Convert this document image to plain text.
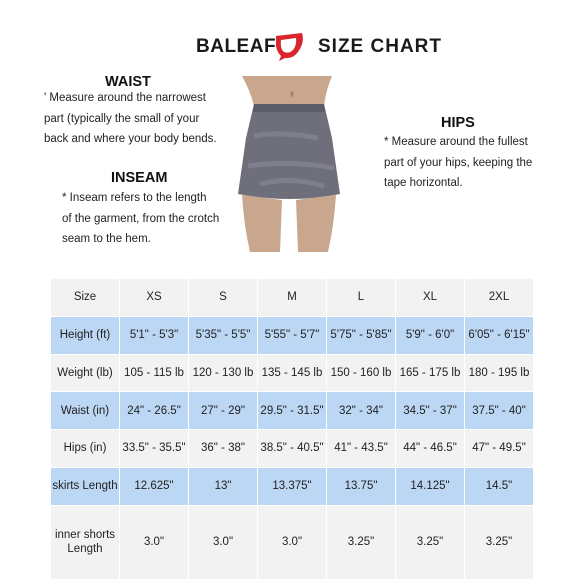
BALEAF SIZE CHART
WAIST
' Measure around the narrowest
part (typically the small of your
back and where your body bends.
INSEAM
* Inseam refers to the length
of the garment, from the crotch
seam to the hem.
HIPS
* Measure around the fullest
part of your hips, keeping the
tape horizontal.
Size	XS	S	M	L	XL	2XL
Height (ft)	5'1" - 5'3"	5'35" - 5'5"	5'55" - 5'7"	5'75" - 5'85"	5'9" - 6'0"	6'05" - 6'15"
Weight (lb)	105 - 115 lb	120 - 130 lb	135 - 145 lb	150 - 160 lb	165 - 175 lb	180 - 195 lb
Waist (in)	24" - 26.5"	27" - 29"	29.5" - 31.5"	32" - 34"	34.5" - 37"	37.5" - 40"
Hips (in)	33.5" - 35.5"	36" - 38"	38.5" - 40.5"	41" - 43.5"	44" - 46.5"	47" - 49.5"
skirts Length	12.625"	13"	13.375"	13.75"	14.125"	14.5"
inner shorts Length	3.0"	3.0"	3.0"	3.25"	3.25"	3.25"
